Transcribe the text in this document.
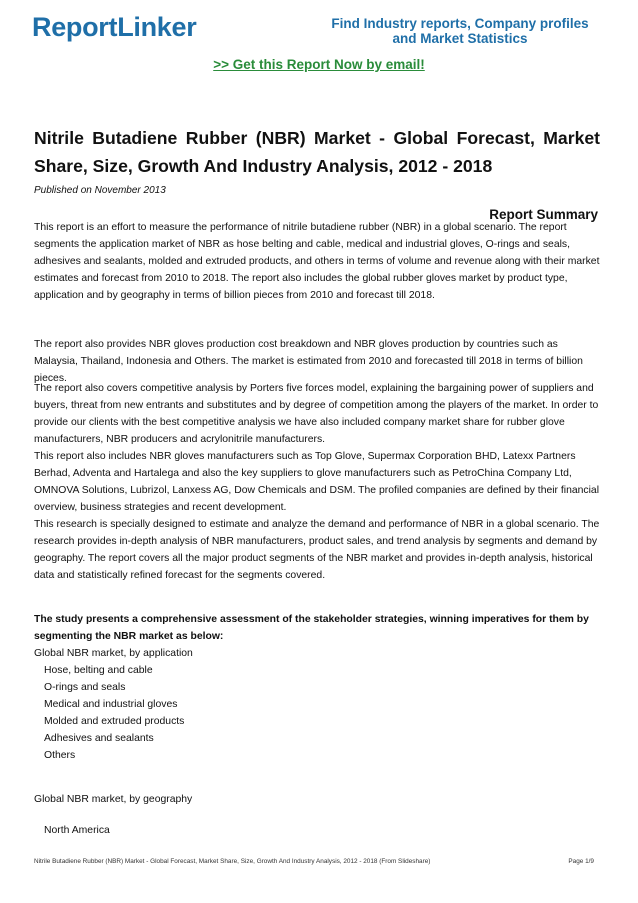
ReportLinker	Find Industry reports, Company profiles
and Market Statistics
>> Get this Report Now by email!
Nitrile Butadiene Rubber (NBR) Market - Global Forecast, Market Share, Size, Growth And Industry Analysis, 2012 - 2018
Published on November 2013
Report Summary

This report is an effort to measure the performance of nitrile butadiene rubber (NBR) in a global scenario. The report segments the application market of NBR as hose belting and cable, medical and industrial gloves, O-rings and seals, adhesives and sealants, molded and extruded products, and others in terms of volume and revenue along with their market estimates and forecast from 2010 to 2018. The report also includes the global rubber gloves market by product type, application and by geography in terms of billion pieces from 2010 and forecast till 2018.

The report also provides NBR gloves production cost breakdown and NBR gloves production by countries such as Malaysia, Thailand, Indonesia and Others. The market is estimated from 2010 and forecasted till 2018 in terms of billion pieces.

The report also covers competitive analysis by Porters five forces model, explaining the bargaining power of suppliers and buyers, threat from new entrants and substitutes and by degree of competition among the players of the market. In order to provide our clients with the best competitive analysis we have also included company market share for rubber glove manufacturers, NBR producers and acrylonitrile manufacturers.

This report also includes NBR gloves manufacturers such as Top Glove, Supermax Corporation BHD, Latexx Partners Berhad, Adventa and Hartalega and also the key suppliers to glove manufacturers such as PetroChina Company Ltd, OMNOVA Solutions, Lubrizol, Lanxess AG, Dow Chemicals and DSM. The profiled companies are defined by their financial overview, business strategies and recent development.

This research is specially designed to estimate and analyze the demand and performance of NBR in a global scenario. The research provides in-depth analysis of NBR manufacturers, product sales, and trend analysis by segments and demand by geography. The report covers all the major product segments of the NBR market and provides in-depth analysis, historical data and statistically refined forecast for the segments covered.

The study presents a comprehensive assessment of the stakeholder strategies, winning imperatives for them by segmenting the NBR market as below:
Global NBR market, by application
Hose, belting and cable
O-rings and seals
Medical and industrial gloves
Molded and extruded products
Adhesives and sealants
Others
Global NBR market, by geography
North America
Nitrile Butadiene Rubber (NBR) Market - Global Forecast, Market Share, Size, Growth And Industry Analysis, 2012 - 2018 (From Slideshare)	Page 1/9
